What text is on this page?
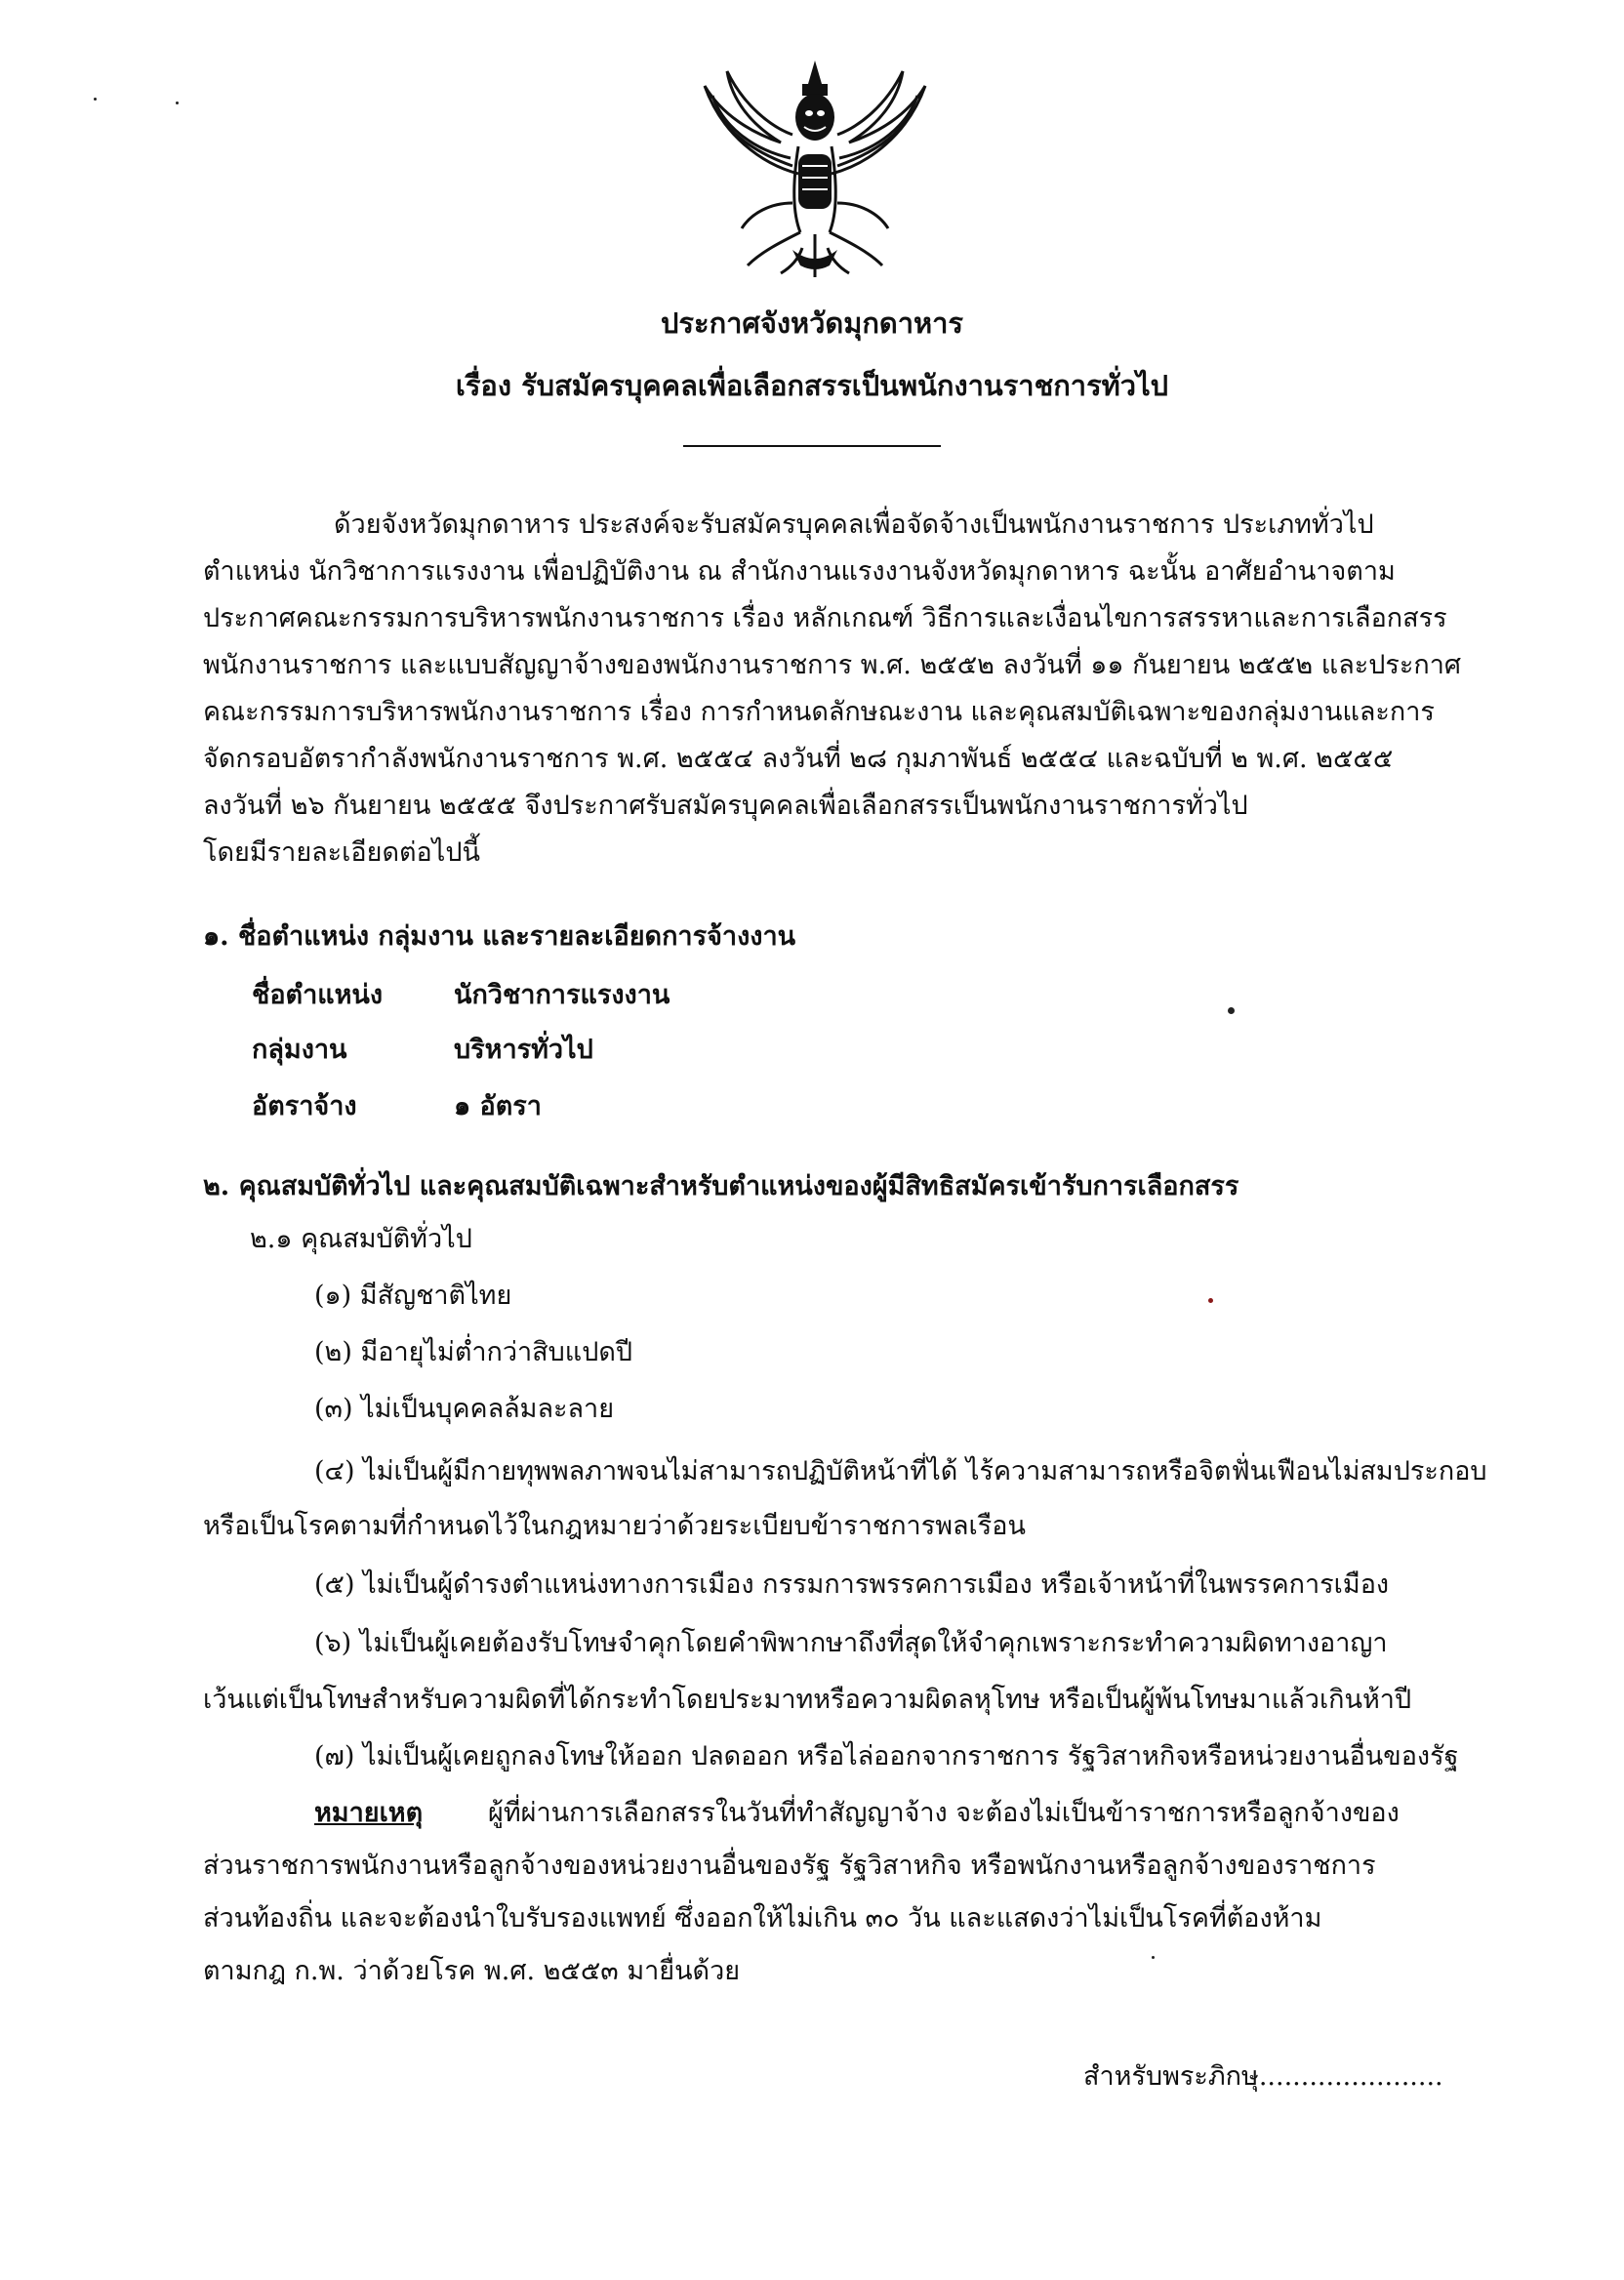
ประกาศจังหวัดมุกดาหาร
เรื่อง รับสมัครบุคคลเพื่อเลือกสรรเป็นพนักงานราชการทั่วไป
ด้วยจังหวัดมุกดาหาร ประสงค์จะรับสมัครบุคคลเพื่อจัดจ้างเป็นพนักงานราชการ ประเภททั่วไป
ตำแหน่ง นักวิชาการแรงงาน เพื่อปฏิบัติงาน ณ สำนักงานแรงงานจังหวัดมุกดาหาร ฉะนั้น อาศัยอำนาจตาม
ประกาศคณะกรรมการบริหารพนักงานราชการ เรื่อง หลักเกณฑ์ วิธีการและเงื่อนไขการสรรหาและการเลือกสรร
พนักงานราชการ และแบบสัญญาจ้างของพนักงานราชการ พ.ศ. ๒๕๕๒ ลงวันที่ ๑๑ กันยายน ๒๕๕๒ และประกาศ
คณะกรรมการบริหารพนักงานราชการ เรื่อง การกำหนดลักษณะงาน และคุณสมบัติเฉพาะของกลุ่มงานและการ
จัดกรอบอัตรากำลังพนักงานราชการ พ.ศ. ๒๕๕๔ ลงวันที่ ๒๘ กุมภาพันธ์ ๒๕๕๔ และฉบับที่ ๒ พ.ศ. ๒๕๕๕
ลงวันที่ ๒๖ กันยายน ๒๕๕๕ จึงประกาศรับสมัครบุคคลเพื่อเลือกสรรเป็นพนักงานราชการทั่วไป
โดยมีรายละเอียดต่อไปนี้
๑. ชื่อตำแหน่ง กลุ่มงาน และรายละเอียดการจ้างงาน
ชื่อตำแหน่ง	นักวิชาการแรงงาน
กลุ่มงาน	บริหารทั่วไป
อัตราจ้าง	๑ อัตรา
๒. คุณสมบัติทั่วไป และคุณสมบัติเฉพาะสำหรับตำแหน่งของผู้มีสิทธิสมัครเข้ารับการเลือกสรร
๒.๑ คุณสมบัติทั่วไป
(๑) มีสัญชาติไทย
(๒) มีอายุไม่ต่ำกว่าสิบแปดปี
(๓) ไม่เป็นบุคคลล้มละลาย
(๔) ไม่เป็นผู้มีกายทุพพลภาพจนไม่สามารถปฏิบัติหน้าที่ได้ ไร้ความสามารถหรือจิตฟั่นเฟือนไม่สมประกอบ
หรือเป็นโรคตามที่กำหนดไว้ในกฎหมายว่าด้วยระเบียบข้าราชการพลเรือน
(๕) ไม่เป็นผู้ดำรงตำแหน่งทางการเมือง กรรมการพรรคการเมือง หรือเจ้าหน้าที่ในพรรคการเมือง
(๖) ไม่เป็นผู้เคยต้องรับโทษจำคุกโดยคำพิพากษาถึงที่สุดให้จำคุกเพราะกระทำความผิดทางอาญา
เว้นแต่เป็นโทษสำหรับความผิดที่ได้กระทำโดยประมาทหรือความผิดลหุโทษ หรือเป็นผู้พ้นโทษมาแล้วเกินห้าปี
(๗) ไม่เป็นผู้เคยถูกลงโทษให้ออก ปลดออก หรือไล่ออกจากราชการ รัฐวิสาหกิจหรือหน่วยงานอื่นของรัฐ
หมายเหตุ ผู้ที่ผ่านการเลือกสรรในวันที่ทำสัญญาจ้าง จะต้องไม่เป็นข้าราชการหรือลูกจ้างของ
ส่วนราชการพนักงานหรือลูกจ้างของหน่วยงานอื่นของรัฐ รัฐวิสาหกิจ หรือพนักงานหรือลูกจ้างของราชการ
ส่วนท้องถิ่น และจะต้องนำใบรับรองแพทย์ ซึ่งออกให้ไม่เกิน ๓๐ วัน และแสดงว่าไม่เป็นโรคที่ต้องห้าม
ตามกฎ ก.พ. ว่าด้วยโรค พ.ศ. ๒๕๕๓ มายื่นด้วย
สำหรับพระภิกษุ......................
